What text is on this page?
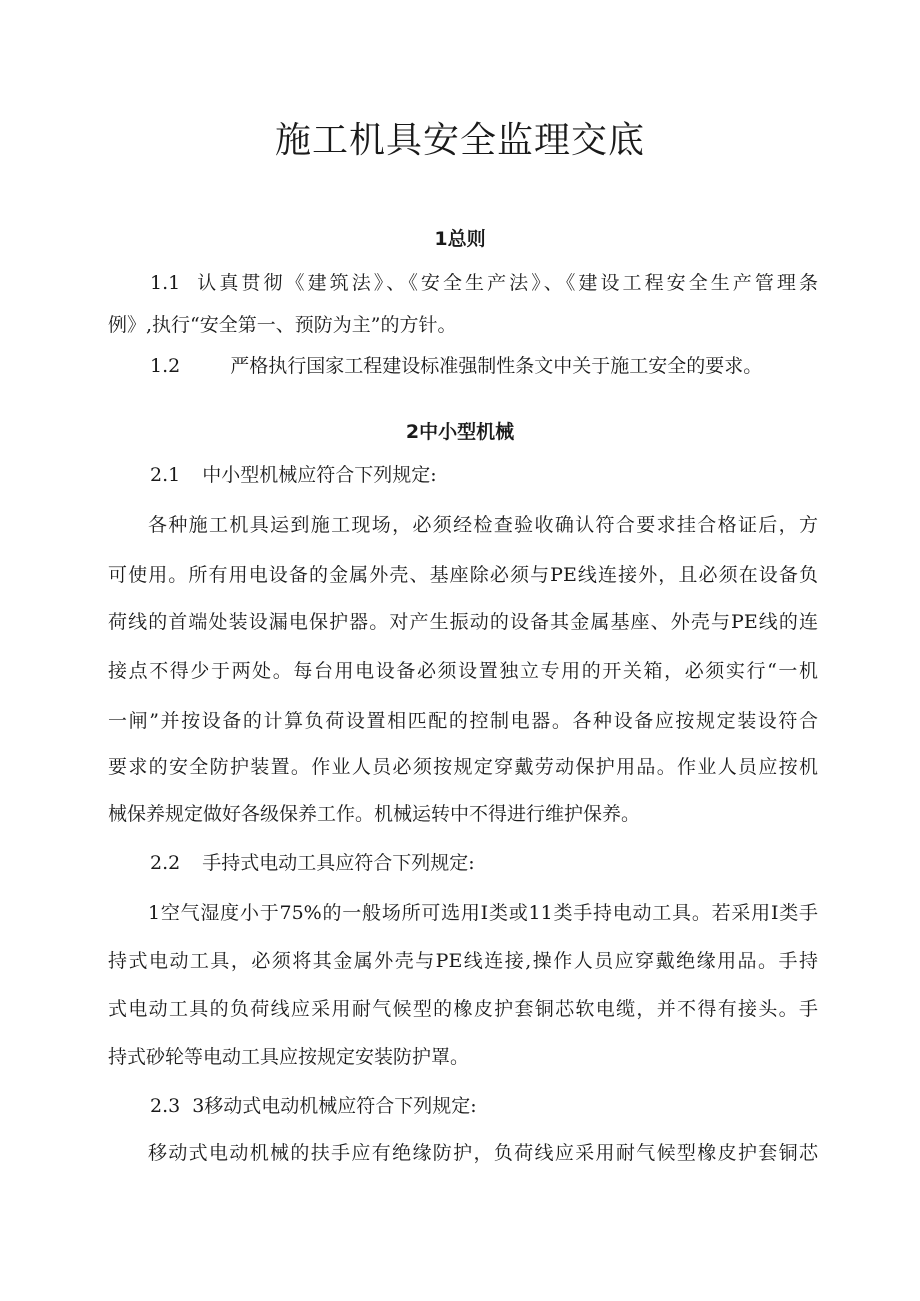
施工机具安全监理交底
1总则

1.1 认真贯彻《建筑法》、《安全生产法》、《建设工程安全生产管理条

例》,执行“安全第一、预防为主”的方针。

1.2	严格执行国家工程建设标准强制性条文中关于施工安全的要求。

2中小型机械

2.1 中小型机械应符合下列规定:

各种施工机具运到施工现场，必须经检查验收确认符合要求挂合格证后，方

可使用。所有用电设备的金属外壳、基座除必须与PE线连接外，且必须在设备负

荷线的首端处装设漏电保护器。对产生振动的设备其金属基座、外壳与PE线的连

接点不得少于两处。每台用电设备必须设置独立专用的开关箱，必须实行“一机

一闸”并按设备的计算负荷设置相匹配的控制电器。各种设备应按规定装设符合

要求的安全防护装置。作业人员必须按规定穿戴劳动保护用品。作业人员应按机

械保养规定做好各级保养工作。机械运转中不得进行维护保养。

2.2 手持式电动工具应符合下列规定:

1空气湿度小于75%的一般场所可选用I类或11类手持电动工具。若采用I类手

持式电动工具，必须将其金属外壳与PE线连接,操作人员应穿戴绝缘用品。手持

式电动工具的负荷线应采用耐气候型的橡皮护套铜芯软电缆，并不得有接头。手

持式砂轮等电动工具应按规定安装防护罩。

2.3 3移动式电动机械应符合下列规定:

移动式电动机械的扶手应有绝缘防护，负荷线应采用耐气候型橡皮护套铜芯
